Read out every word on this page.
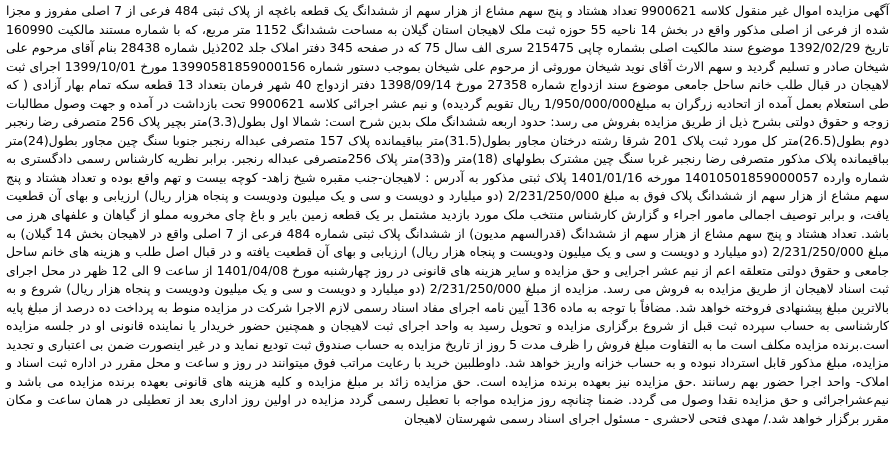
آگهی مزایده اموال غیر منقول کلاسه 9900621 تعداد هشتاد و پنج سهم مشاع از هزار سهم از ششدانگ یک قطعه باغچه از پلاک ثبتی 484 فرعی از 7 اصلی مفروز و مجزا شده از فرعی از اصلی مذکور واقع در بخش 14 ناحیه 55 حوزه ثبت ملک لاهیجان استان گیلان به مساحت ششدانگ 1152 متر مربع، که با شماره مستند مالکیت 160990 تاریخ 1392/02/29 موضوع سند مالکیت اصلی بشماره چاپی 215475 سری الف سال 75 که در صفحه 345 دفتر املاک جلد 202ذیل شماره 28438 بنام آقای مرحوم علی شیخان صادر و تسلیم گردید و سهم الارث آقای نوید شیخان موروثی از مرحوم علی شیخان بموجب دستور شماره 13990581859000156 مورخ 1399/10/01 اجرای ثبت لاهیجان در قبال طلب خانم ساحل جامعی موضوع سند ازدواج شماره 27358 مورخ 1398/09/14 دفتر ازدواج 40 شهر فرمان بتعداد 13 قطعه سکه تمام بهار آزادی ( که طی استعلام بعمل آمده از اتحادیه زرگران به مبلغ1/950/000/000 ریال تقویم گردیده) و نیم عشر اجرائی کلاسه 9900621 تحت بازداشت در آمده و جهت وصول مطالبات زوجه و حقوق دولتی بشرح ذیل از طریق مزایده بفروش می رسد: حدود اربعه ششدانگ ملک بدین شرح است: شمالا اول بطول(3.3)متر بچیر پلاک 256 متصرفی رضا رنجبر دوم بطول(26.5)متر کل مورد ثبت پلاک 201 شرقا رشته درختان مجاور بطول(31.5)متر بباقیمانده پلاک 157 متصرفی عبداله رنجبر جنوبا سنگ چین مجاور بطول(24)متر بباقیمانده پلاک مذکور متصرفی رضا رنجبر غربا سنگ چین مشترک بطولهای (18)متر و(33)متر پلاک 256متصرفی عبداله رنجبر. برابر نظریه کارشناس رسمی دادگستری به شماره وارده 14010501859000057 مورخه 1401/01/16 پلاک ثبتی مذکور به آدرس : لاهیجان-جنب مقبره شیخ زاهد- کوچه بیست و تهم واقع بوده و تعداد هشتاد و پنج سهم مشاع از هزار سهم از ششدانگ پلاک فوق به مبلغ 2/231/250/000 (دو میلیارد و دویست و سی و یک میلیون ودویست و پنجاه هزار ریال) ارزیابی و بهای آن قطعیت یافت، و برابر توصیف اجمالی مامور اجراء و گزارش کارشناس منتخب ملک مورد بازدید مشتمل بر یک قطعه زمین بایر و باغ چای مخروبه مملو از گیاهان و علفهای هرز می باشد. تعداد هشتاد و پنج سهم مشاع از هزار سهم از ششدانگ (قدرالسهم مدیون) از ششدانگ پلاک ثبتی شماره 484 فرعی از 7 اصلی واقع در لاهیجان بخش 14 گیلان) به مبلغ 2/231/250/000 (دو میلیارد و دویست و سی و یک میلیون ودویست و پنجاه هزار ریال) ارزیابی و بهای آن قطعیت یافته و در قبال اصل طلب و هزینه های خانم ساحل جامعی و حقوق دولتی متعلقه اعم از نیم عشر اجرایی و حق مزایده و سایر هزینه های قانونی در روز چهارشنبه مورخ 1401/04/08 از ساعت 9 الی 12 ظهر در محل اجرای ثبت اسناد لاهیجان از طریق مزایده به فروش می رسد. مزایده از مبلغ 2/231/250/000 (دو میلیارد و دویست و سی و یک میلیون ودویست و پنجاه هزار ریال) شروع و به بالاترین مبلغ پیشنهادی فروخته خواهد شد. مضافاً با توجه به ماده 136 آیین نامه اجرای مفاد اسناد رسمی لازم الاجرا شرکت در مزایده منوط به پرداخت ده درصد از مبلغ پایه کارشناسی به حساب سپرده ثبت قبل از شروع برگزاری مزایده و تحویل رسید به واحد اجرای ثبت لاهیجان و همچنین حضور خریدار یا نماینده قانونی او در جلسه مزایده است.برنده مزایده مکلف است ما به التفاوت مبلغ فروش را ظرف مدت 5 روز از تاریخ مزایده به حساب صندوق ثبت تودیع نماید و در غیر اینصورت ضمن بی اعتباری و تجدید مزایده، مبلغ مذکور قابل استرداد نبوده و به حساب خزانه واریز خواهد شد. داوطلبین خرید با رعایت مراتب فوق میتوانند در روز و ساعت و محل مقرر در اداره ثبت اسناد و املاک- واحد اجرا حضور بهم رسانند .حق مزایده نیز بعهده برنده مزایده است. حق مزایده زائد بر مبلغ مزایده و کلیه هزینه های قانونی بعهده برنده مزایده می باشد و نیم‌عشراجرائی و حق مزایده نقدا وصول می گردد. ضمنا چنانچه روز مزایده مواجه با تعطیل رسمی گردد مزایده در اولین روز اداری بعد از تعطیلی در همان ساعت و مکان مقرر برگزار خواهد شد./ مهدی فتحی لاحشری - مسئول اجرای اسناد رسمی شهرستان لاهیجان
